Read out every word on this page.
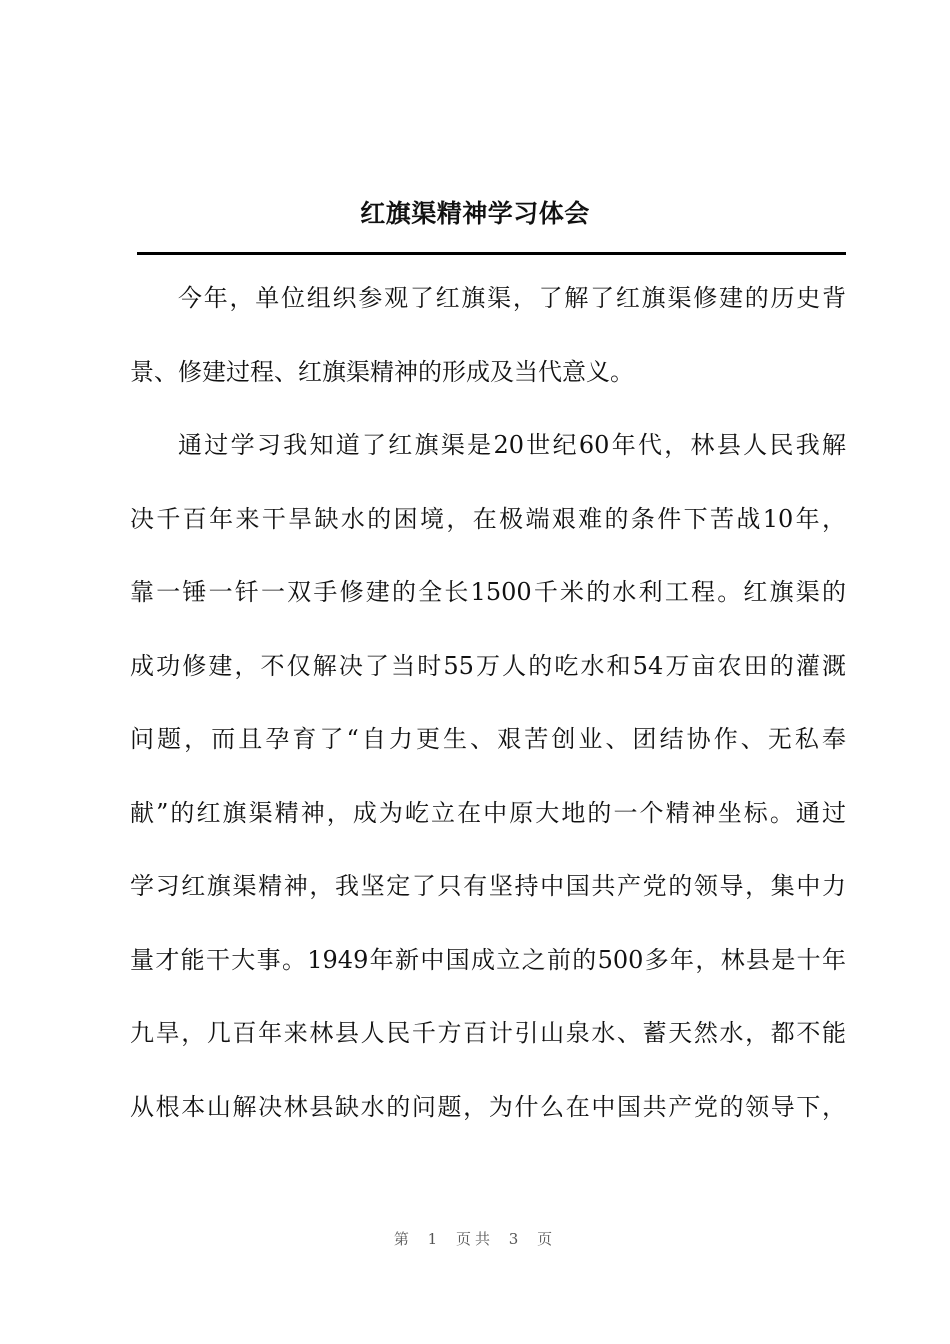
红旗渠精神学习体会
今年，单位组织参观了红旗渠，了解了红旗渠修建的历史背
景、修建过程、红旗渠精神的形成及当代意义。
通过学习我知道了红旗渠是20世纪60年代，林县人民我解
决千百年来干旱缺水的困境，在极端艰难的条件下苦战10年，
靠一锤一钎一双手修建的全长1500千米的水利工程。红旗渠的
成功修建，不仅解决了当时55万人的吃水和54万亩农田的灌溉
问题，而且孕育了“自力更生、艰苦创业、团结协作、无私奉
献”的红旗渠精神，成为屹立在中原大地的一个精神坐标。通过
学习红旗渠精神，我坚定了只有坚持中国共产党的领导，集中力
量才能干大事。1949年新中国成立之前的500多年，林县是十年
九旱，几百年来林县人民千方百计引山泉水、蓄天然水，都不能
从根本山解决林县缺水的问题，为什么在中国共产党的领导下，
第 1 页共 3 页
